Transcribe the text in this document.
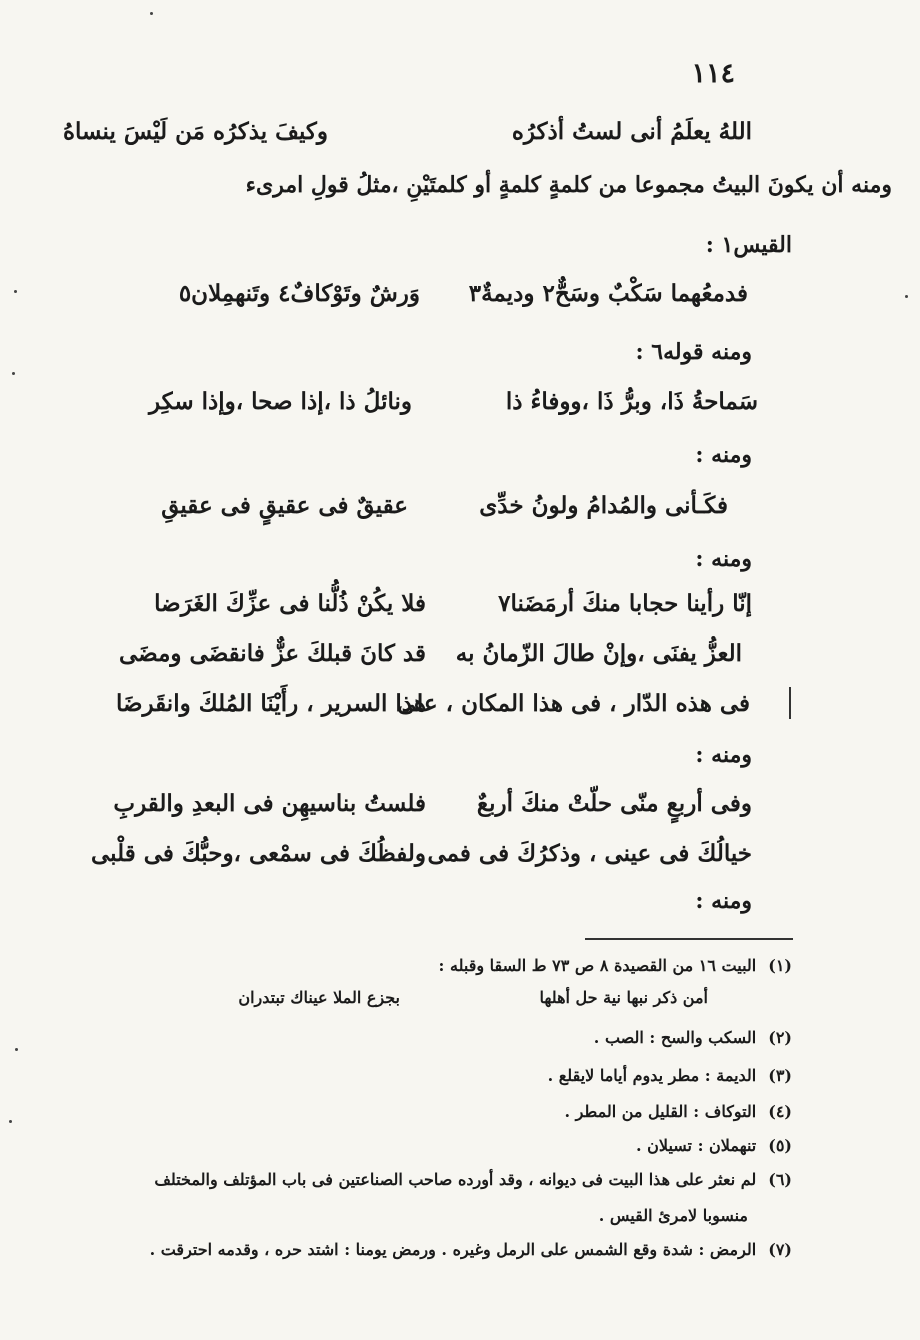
١١٤
اللهُ يعلَمُ أنى لستُ أذكرُه
وكيفَ يذكرُه مَن لَيْسَ ينساهُ
ومنه أن يكونَ البيتُ مجموعا من كلمةٍ كلمةٍ أو كلمتَيْنِ ،مثلُ قولِ امرىء
القيس١ :
فدمعُهما سَكْبٌ وسَحٌّ٢ وديمةٌ٣
وَرشٌ وتَوْكافٌ٤ وتَنهمِلان٥
ومنه قوله٦ :
سَماحةُ ذَا، وبرُّ ذَا ،ووفاءُ ذا
ونائلُ ذا ،إذا صحا ،وإذا سكِر
ومنه :
فكَـأنى والمُدامُ ولونُ خدِّى
عقيقٌ فى عقيقٍ فى عقيقِ
ومنه :
إنّا رأينا حجابا منكَ أرمَضَنا٧
فلا يكُنْ ذُلُّنا فى عزِّكَ الغَرَضا
العزُّ يفنَى ،وإنْ طالَ الزّمانُ به
قد كانَ قبلكَ عزٌّ فانقضَى ومضَى
فى هذه الدّار ، فى هذا المكان ، على
هذا السرير ، رأَيْنَا المُلكَ وانقَرضَا
ومنه :
وفى أربعٍ منّى حلّتْ منكَ أربعٌ
فلستُ بناسيهِن فى البعدِ والقربِ
خيالُكَ فى عينى ، وذكرُكَ فى فمى
ولفظُكَ فى سمْعى ،وحبُّكَ فى قلْبى
ومنه :
(١)البيت ١٦ من القصيدة ٨ ص ٧٣ ط السقا وقبله :
أمن ذكر نبها نية حل أهلها
بجزع الملا عيناك تبتدران
(٢)السكب والسح : الصب .
(٣)الديمة : مطر يدوم أياما لايقلع .
(٤)التوكاف : القليل من المطر .
(٥)تنهملان : تسيلان .
(٦)لم نعثر على هذا البيت فى ديوانه ، وقد أورده صاحب الصناعتين فى باب المؤتلف والمختلف
منسوبا لامرئ القيس .
(٧)الرمض : شدة وقع الشمس على الرمل وغيره . ورمض يومنا : اشتد حره ، وقدمه احترقت .
